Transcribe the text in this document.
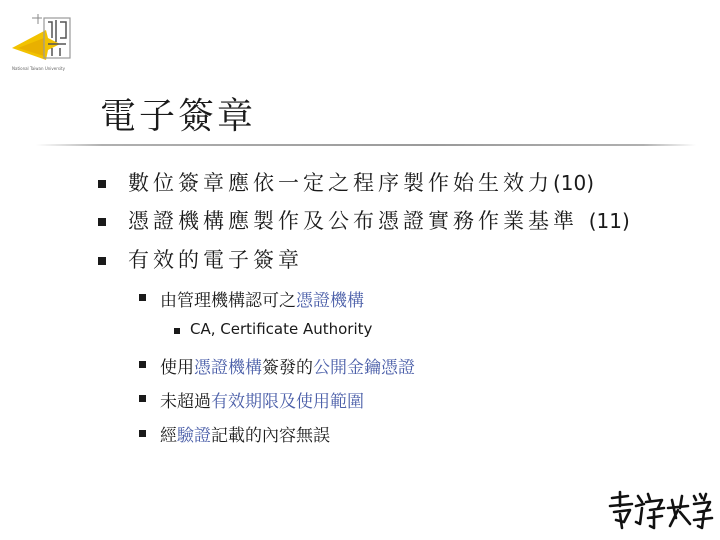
National Taiwan University
電子簽章
數位簽章應依一定之程序製作始生效力(10)
憑證機構應製作及公布憑證實務作業基準 (11)
有效的電子簽章
由管理機構認可之憑證機構
CA, Certificate Authority
使用憑證機構簽發的公開金鑰憑證
未超過有效期限及使用範圍
經驗證記載的內容無誤
